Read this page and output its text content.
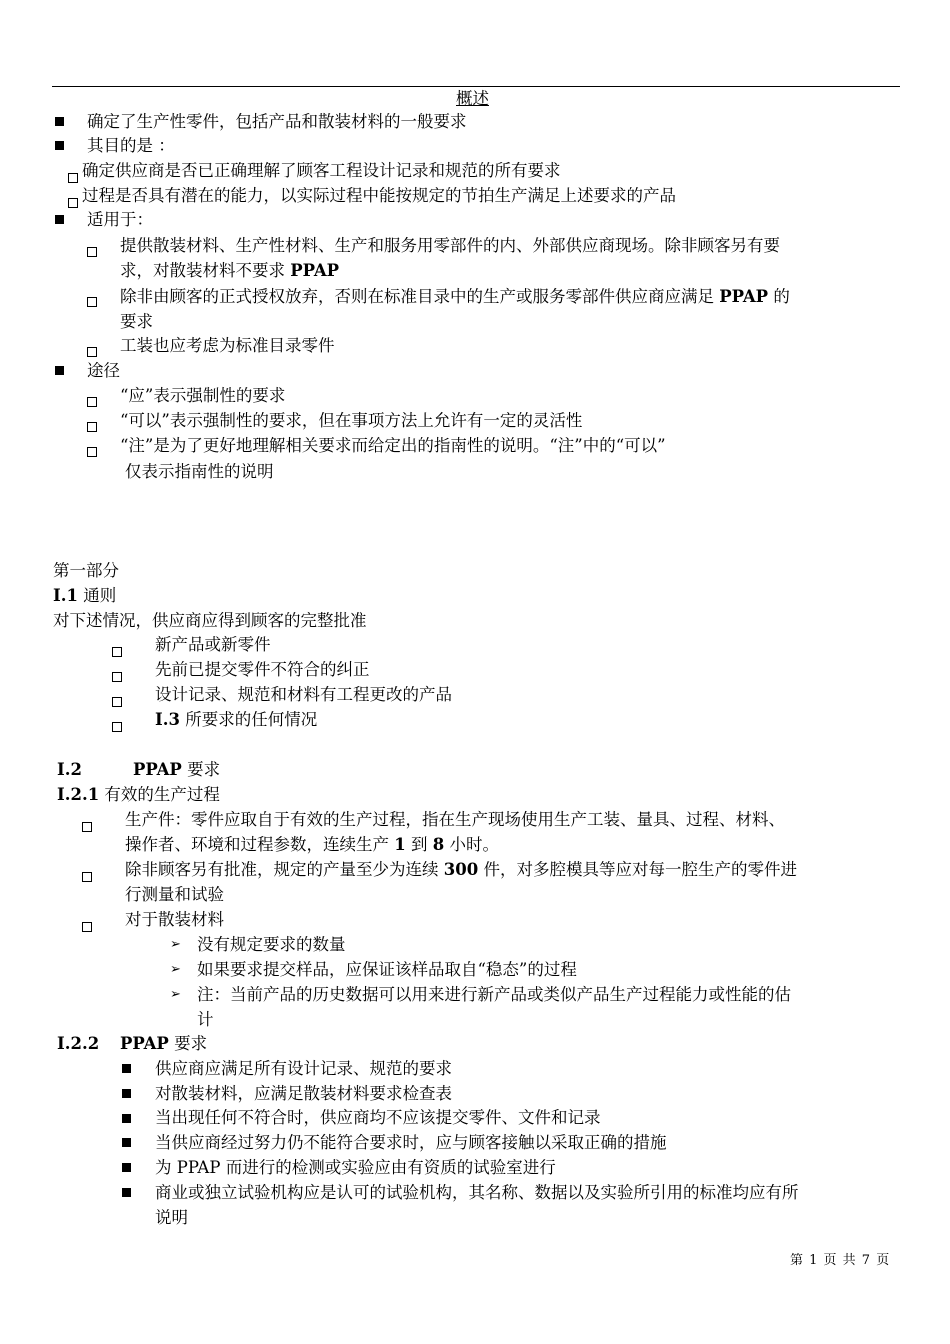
概述
确定了生产性零件，包括产品和散装材料的一般要求
其目的是 ：
确定供应商是否已正确理解了顾客工程设计记录和规范的所有要求
过程是否具有潜在的能力，以实际过程中能按规定的节拍生产满足上述要求的产品
适用于：
提供散装材料、生产性材料、生产和服务用零部件的内、外部供应商现场。除非顾客另有要
求，对散装材料不要求 PPAP
除非由顾客的正式授权放弃，否则在标准目录中的生产或服务零部件供应商应满足 PPAP 的
要求
工装也应考虑为标准目录零件
途径
“应”表示强制性的要求
“可以”表示强制性的要求，但在事项方法上允许有一定的灵活性
“注”是为了更好地理解相关要求而给定出的指南性的说明。“注”中的“可以”
仅表示指南性的说明
第一部分
Ⅰ.1 通则
对下述情况，供应商应得到顾客的完整批准
新产品或新零件
先前已提交零件不符合的纠正
设计记录、规范和材料有工程更改的产品
Ⅰ.3 所要求的任何情况
Ⅰ.2	PPAP 要求
Ⅰ.2.1 有效的生产过程
生产件：零件应取自于有效的生产过程，指在生产现场使用生产工装、量具、过程、材料、
操作者、环境和过程参数，连续生产 1 到 8 小时。
除非顾客另有批准，规定的产量至少为连续 300 件，对多腔模具等应对每一腔生产的零件进
行测量和试验
对于散装材料
➢ 没有规定要求的数量
➢ 如果要求提交样品，应保证该样品取自“稳态”的过程
➢ 注：当前产品的历史数据可以用来进行新产品或类似产品生产过程能力或性能的估
计
Ⅰ.2.2 PPAP 要求
供应商应满足所有设计记录、规范的要求
对散装材料，应满足散装材料要求检查表
当出现任何不符合时，供应商均不应该提交零件、文件和记录
当供应商经过努力仍不能符合要求时，应与顾客接触以采取正确的措施
为 PPAP 而进行的检测或实验应由有资质的试验室进行
商业或独立试验机构应是认可的试验机构，其名称、数据以及实验所引用的标准均应有所
说明
第 1 页 共 7 页
